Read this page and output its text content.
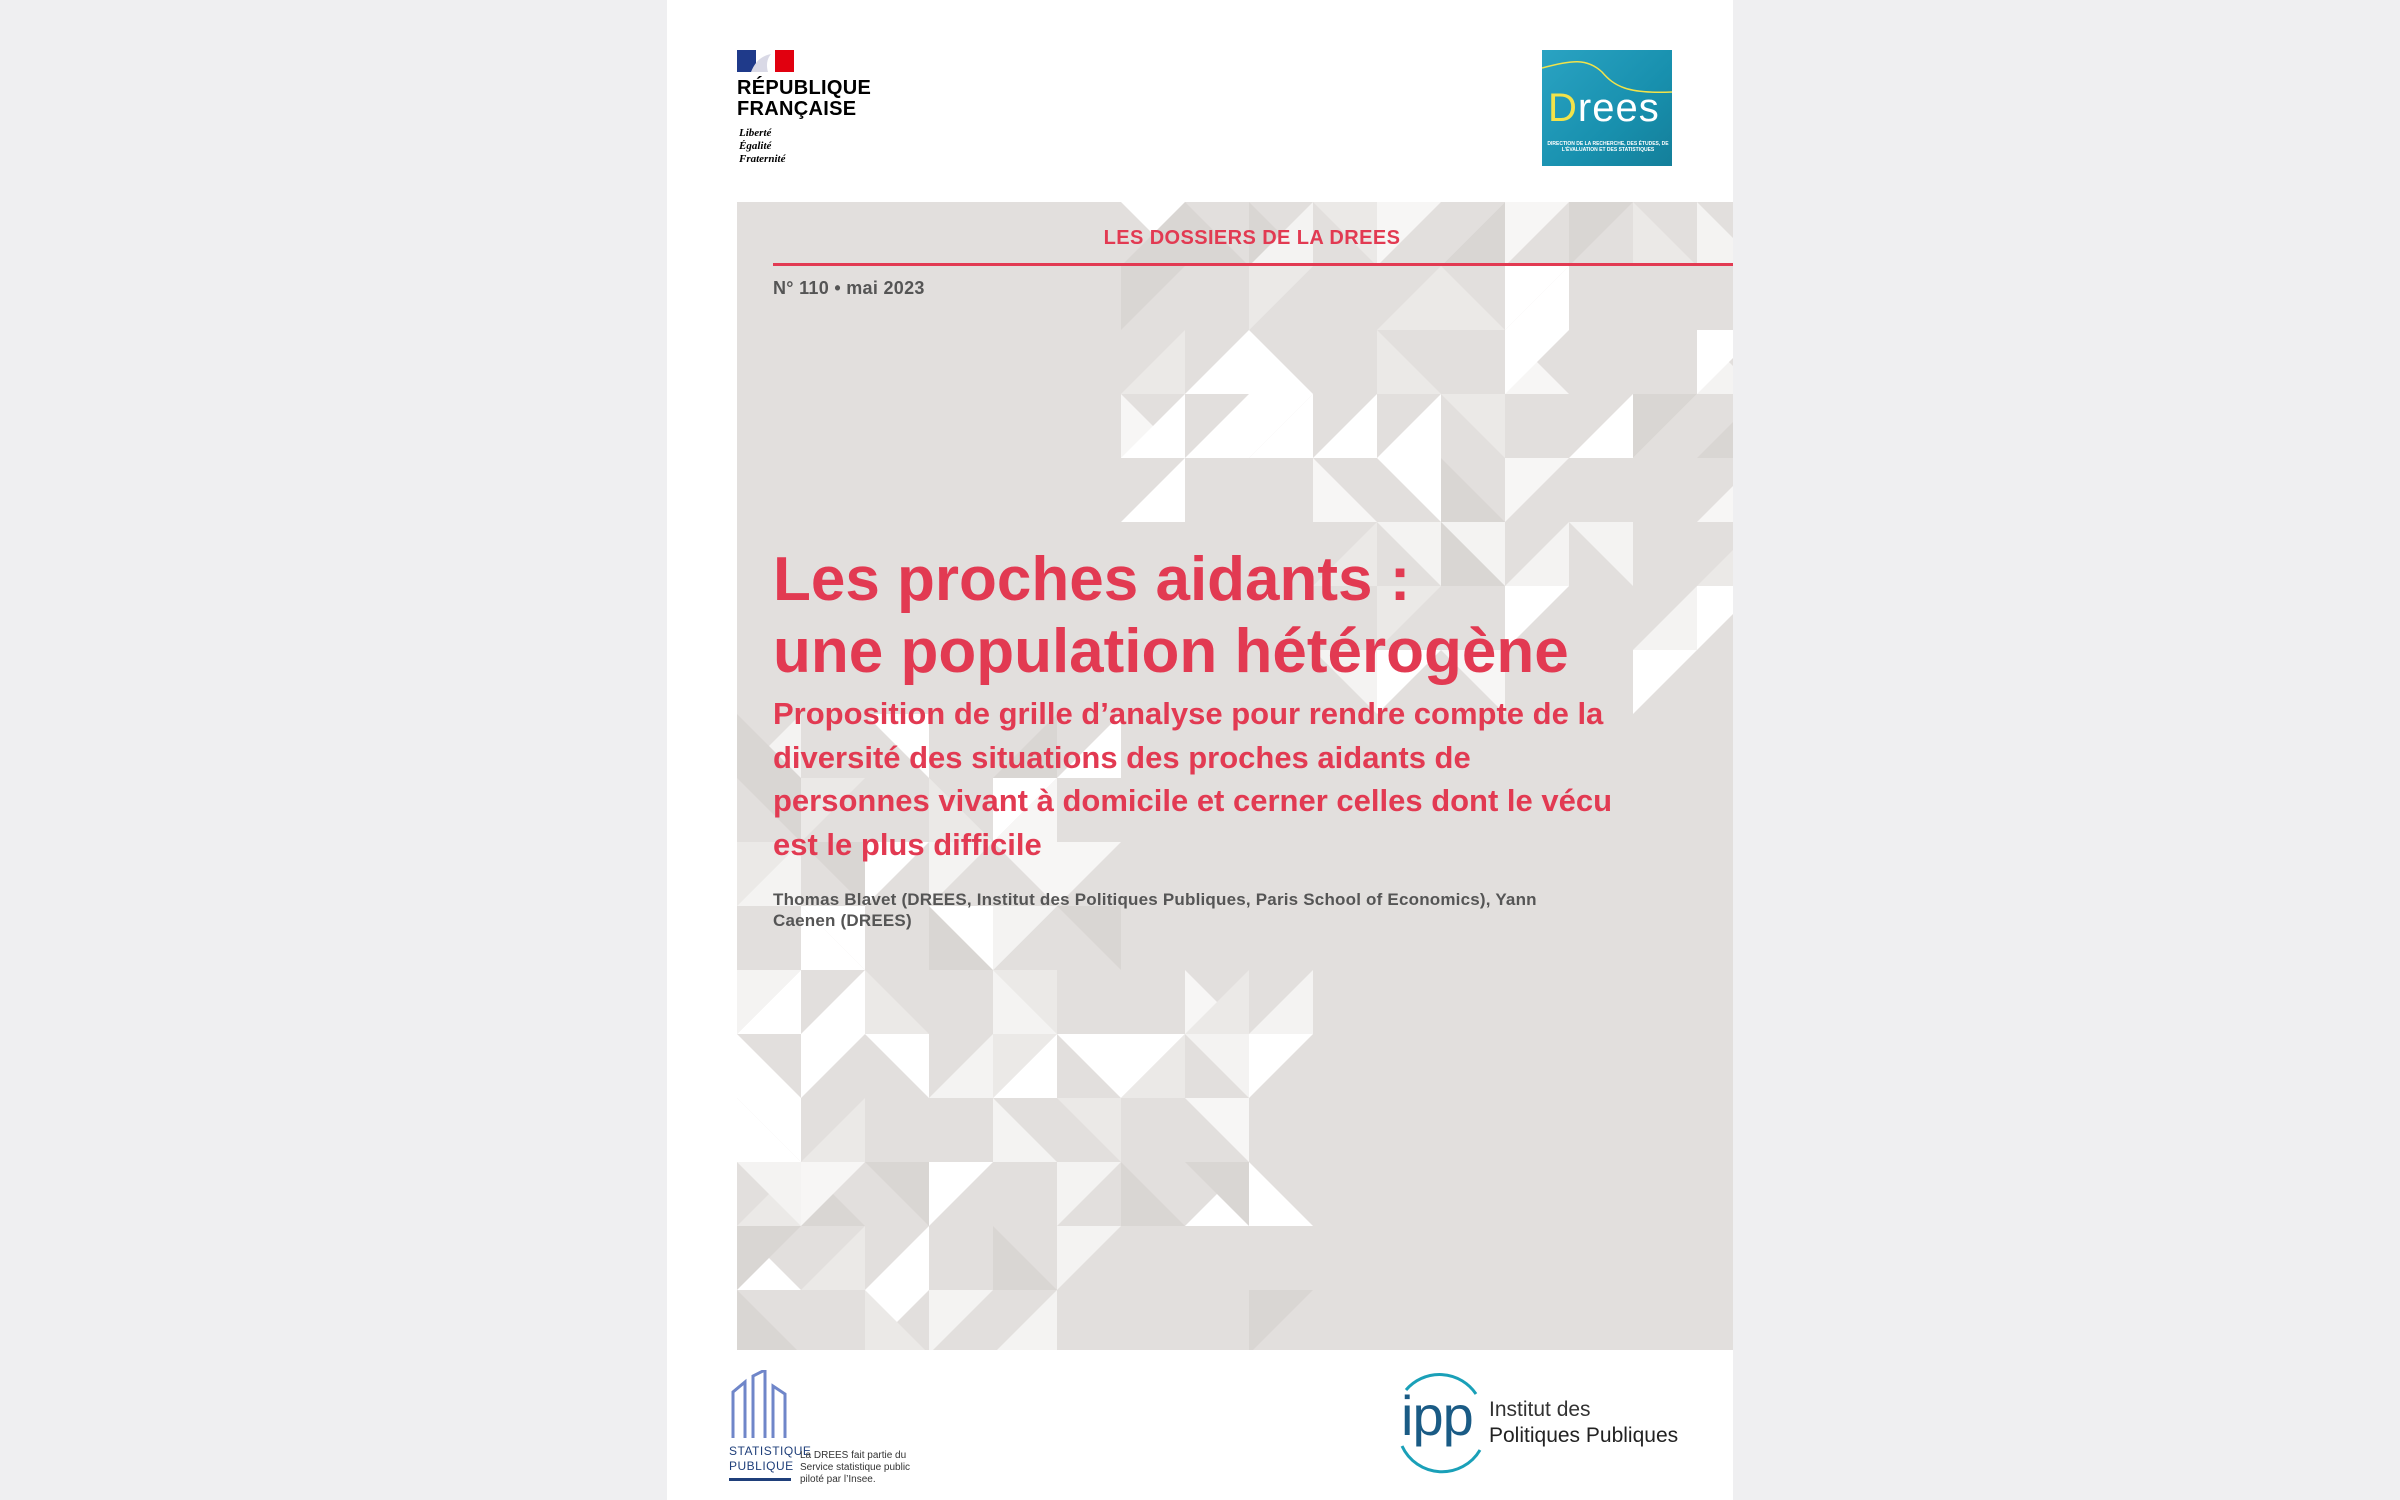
RÉPUBLIQUE
FRANÇAISE
Liberté
Égalité
Fraternité
Drees
DIRECTION DE LA RECHERCHE, DES ÉTUDES, DE L'ÉVALUATION ET DES STATISTIQUES
LES DOSSIERS DE LA DREES
N° 110 • mai 2023
Les proches aidants :
une population hétérogène
Proposition de grille d’analyse pour rendre compte de la diversité des situations des proches aidants de personnes vivant à domicile et cerner celles dont le vécu est le plus difficile
Thomas Blavet (DREES, Institut des Politiques Publiques, Paris School of Economics), Yann Caenen (DREES)
STATISTIQUE
PUBLIQUE
La DREES fait partie du Service statistique public piloté par l’Insee.
ipp Institut des
Politiques Publiques
